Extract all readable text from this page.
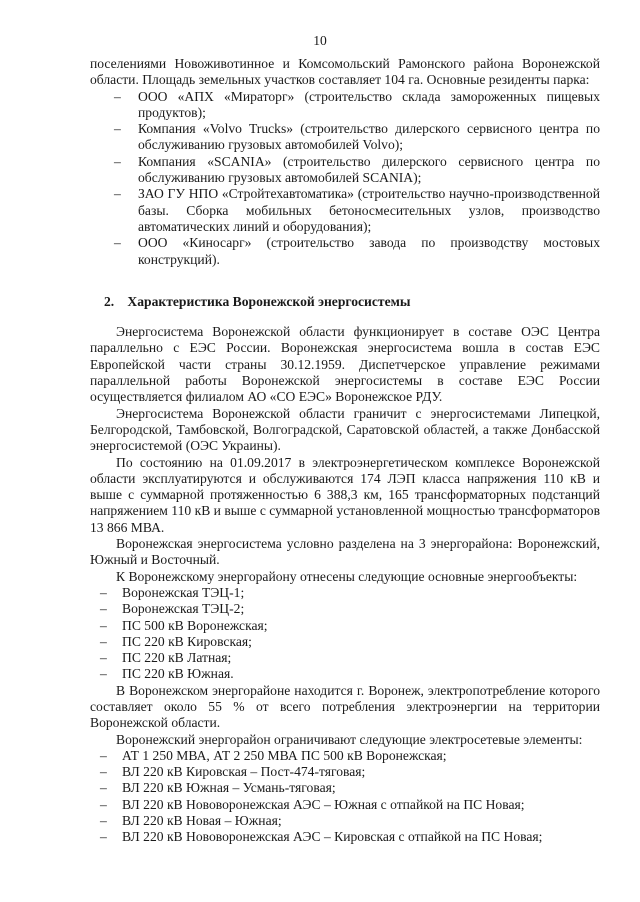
10

поселениями Новоживотинное и Комсомольский Рамонского района Воронежской области. Площадь земельных участков составляет 104 га. Основные резиденты парка:

– ООО «АПХ «Мираторг» (строительство склада замороженных пищевых продуктов);
– Компания «Volvo Trucks» (строительство дилерского сервисного центра по обслуживанию грузовых автомобилей Volvo);
– Компания «SCANIA» (строительство дилерского сервисного центра по обслуживанию грузовых автомобилей SCANIA);
– ЗАО ГУ НПО «Стройтехавтоматика» (строительство научно-производственной базы. Сборка мобильных бетоносмесительных узлов, производство автоматических линий и оборудования);
– ООО «Киносарг» (строительство завода по производству мостовых конструкций).
2. Характеристика Воронежской энергосистемы

Энергосистема Воронежской области функционирует в составе ОЭС Центра параллельно с ЕЭС России. Воронежская энергосистема вошла в состав ЕЭС Европейской части страны 30.12.1959. Диспетчерское управление режимами параллельной работы Воронежской энергосистемы в составе ЕЭС России осуществляется филиалом АО «СО ЕЭС» Воронежское РДУ.

Энергосистема Воронежской области граничит с энергосистемами Липецкой, Белгородской, Тамбовской, Волгоградской, Саратовской областей, а также Донбасской энергосистемой (ОЭС Украины).

По состоянию на 01.09.2017 в электроэнергетическом комплексе Воронежской области эксплуатируются и обслуживаются 174 ЛЭП класса напряжения 110 кВ и выше с суммарной протяженностью 6 388,3 км, 165 трансформаторных подстанций напряжением 110 кВ и выше с суммарной установленной мощностью трансформаторов 13 866 МВА.

Воронежская энергосистема условно разделена на 3 энергорайона: Воронежский, Южный и Восточный.

К Воронежскому энергорайону отнесены следующие основные энергообъекты:

– Воронежская ТЭЦ-1;
– Воронежская ТЭЦ-2;
– ПС 500 кВ Воронежская;
– ПС 220 кВ Кировская;
– ПС 220 кВ Латная;
– ПС 220 кВ Южная.

В Воронежском энергорайоне находится г. Воронеж, электропотребление которого составляет около 55 % от всего потребления электроэнергии на территории Воронежской области.

Воронежский энергорайон ограничивают следующие электросетевые элементы:

– АТ 1 250 МВА, АТ 2 250 МВА ПС 500 кВ Воронежская;
– ВЛ 220 кВ Кировская – Пост-474-тяговая;
– ВЛ 220 кВ Южная – Усмань-тяговая;
– ВЛ 220 кВ Нововоронежская АЭС – Южная с отпайкой на ПС Новая;
– ВЛ 220 кВ Новая – Южная;
– ВЛ 220 кВ Нововоронежская АЭС – Кировская с отпайкой на ПС Новая;
